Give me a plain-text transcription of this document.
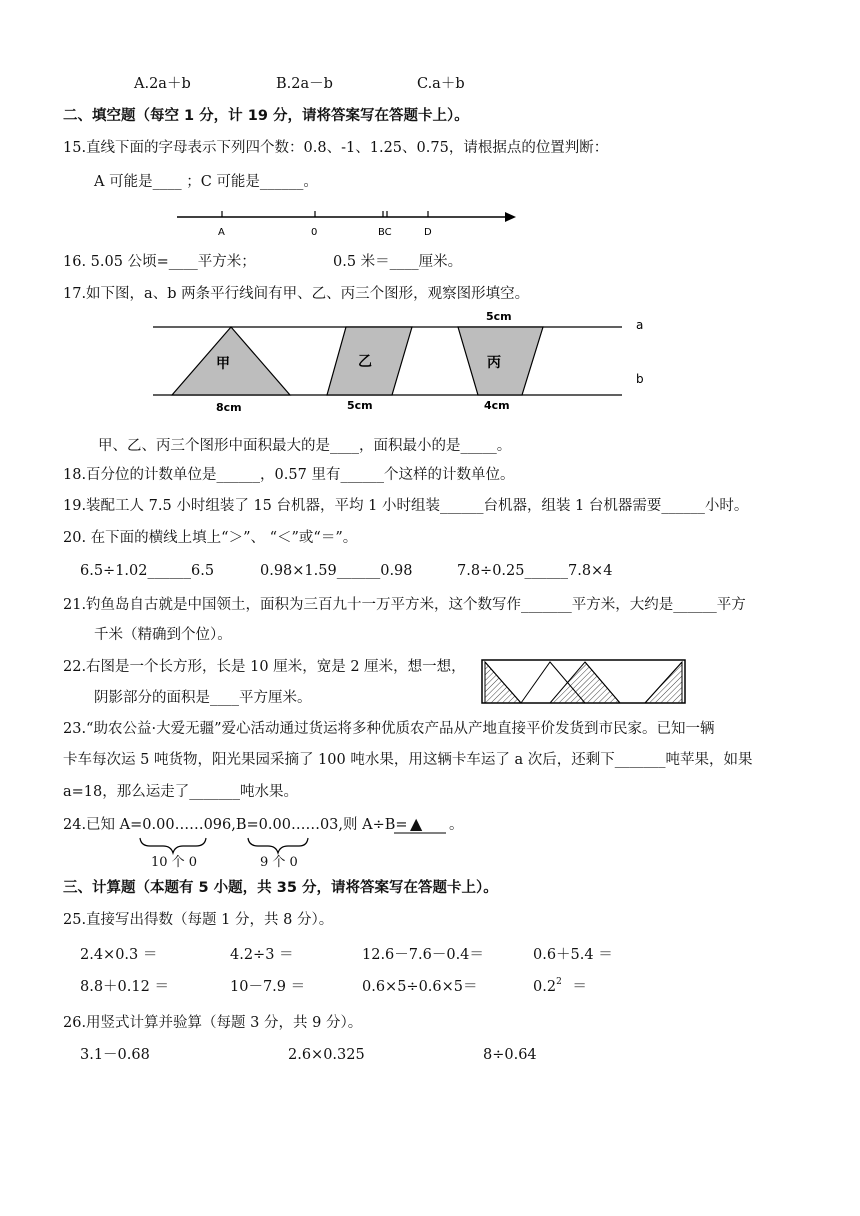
A.2a＋b	B.2a－b	C.a＋b
二、填空题（每空 1 分，计 19 分，请将答案写在答题卡上）。
15.直线下面的字母表示下列四个数：0.8、-1、1.25、0.75，请根据点的位置判断：
A 可能是____ ；C 可能是______。
A	0	BC	D
甲	乙	丙
8cm	5cm	4cm
5cm
a
b
16. 5.05 公顷=____平方米；	0.5 米＝____厘米。
17.如下图，a、b 两条平行线间有甲、乙、丙三个图形，观察图形填空。
甲、乙、丙三个图形中面积最大的是____，面积最小的是_____。
18.百分位的计数单位是______，0.57 里有______个这样的计数单位。
19.装配工人 7.5 小时组装了 15 台机器，平均 1 小时组装______台机器，组装 1 台机器需要______小时。
20. 在下面的横线上填上“＞”、 “＜”或“＝”。
6.5÷1.02______6.5	0.98×1.59______0.98	7.8÷0.25______7.8×4
21.钓鱼岛自古就是中国领土，面积为三百九十一万平方米，这个数写作_______平方米，大约是______平方
千米（精确到个位）。
22.右图是一个长方形，长是 10 厘米，宽是 2 厘米，想一想，
阴影部分的面积是____平方厘米。
23.“助农公益·大爱无疆”爱心活动通过货运将多种优质农产品从产地直接平价发货到市民家。已知一辆
卡车每次运 5 吨货物，阳光果园采摘了 100 吨水果，用这辆卡车运了 a 次后，还剩下_______吨苹果，如果
a=18，那么运走了_______吨水果。
24.已知 A=0.00……096,B=0.00……03,则 A÷B= ▲ 。
10 个 0	9 个 0
三、计算题（本题有 5 小题，共 35 分，请将答案写在答题卡上）。
25.直接写出得数（每题 1 分，共 8 分）。
2.4×0.3 ＝	4.2÷3 ＝	12.6－7.6－0.4＝	0.6＋5.4 ＝
8.8＋0.12 ＝	10－7.9 ＝	0.6×5÷0.6×5＝	$0.2^2$ ＝
26.用竖式计算并验算（每题 3 分，共 9 分）。
3.1－0.68	2.6×0.325	8÷0.64
